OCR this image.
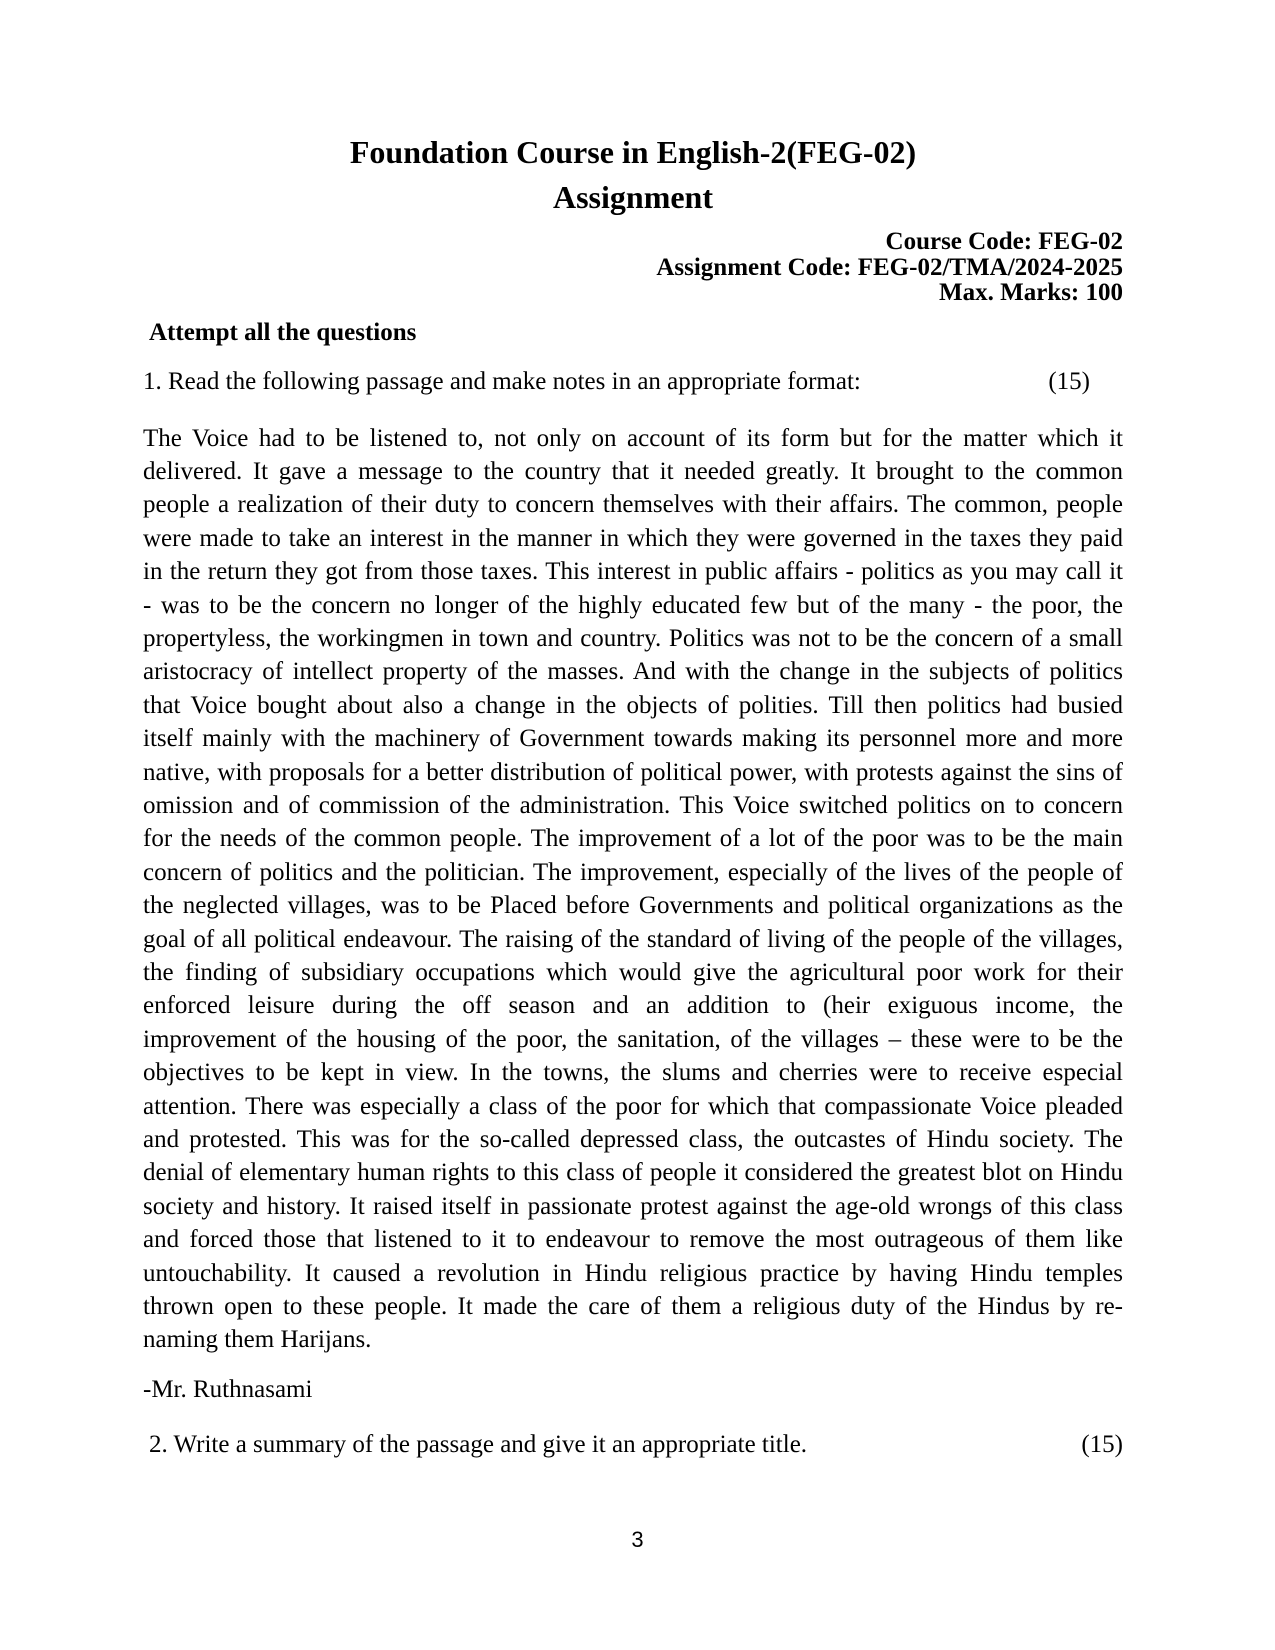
Foundation Course in English-2(FEG-02)
Assignment
Course Code: FEG-02
Assignment Code: FEG-02/TMA/2024-2025
Max. Marks: 100
Attempt all the questions
1. Read the following passage and make notes in an appropriate format:	(15)
The Voice had to be listened to, not only on account of its form but for the matter which it
delivered. It gave a message to the country that it needed greatly. It brought to the common
people a realization of their duty to concern themselves with their affairs. The common, people
were made to take an interest in the manner in which they were governed in the taxes they paid
in the return they got from those taxes. This interest in public affairs - politics as you may call it
- was to be the concern no longer of the highly educated few but of the many - the poor, the
propertyless, the workingmen in town and country. Politics was not to be the concern of a small
aristocracy of intellect property of the masses. And with the change in the subjects of politics
that Voice bought about also a change in the objects of polities. Till then politics had busied
itself mainly with the machinery of Government towards making its personnel more and more
native, with proposals for a better distribution of political power, with protests against the sins of
omission and of commission of the administration. This Voice switched politics on to concern
for the needs of the common people. The improvement of a lot of the poor was to be the main
concern of politics and the politician. The improvement, especially of the lives of the people of
the neglected villages, was to be Placed before Governments and political organizations as the
goal of all political endeavour. The raising of the standard of living of the people of the villages,
the finding of subsidiary occupations which would give the agricultural poor work for their
enforced leisure during the off season and an addition to (heir exiguous income, the
improvement of the housing of the poor, the sanitation, of the villages – these were to be the
objectives to be kept in view. In the towns, the slums and cherries were to receive especial
attention. There was especially a class of the poor for which that compassionate Voice pleaded
and protested. This was for the so-called depressed class, the outcastes of Hindu society. The
denial of elementary human rights to this class of people it considered the greatest blot on Hindu
society and history. It raised itself in passionate protest against the age-old wrongs of this class
and forced those that listened to it to endeavour to remove the most outrageous of them like
untouchability. It caused a revolution in Hindu religious practice by having Hindu temples
thrown open to these people. It made the care of them a religious duty of the Hindus by re-
naming them Harijans.
-Mr. Ruthnasami
2. Write a summary of the passage and give it an appropriate title.	(15)
3
